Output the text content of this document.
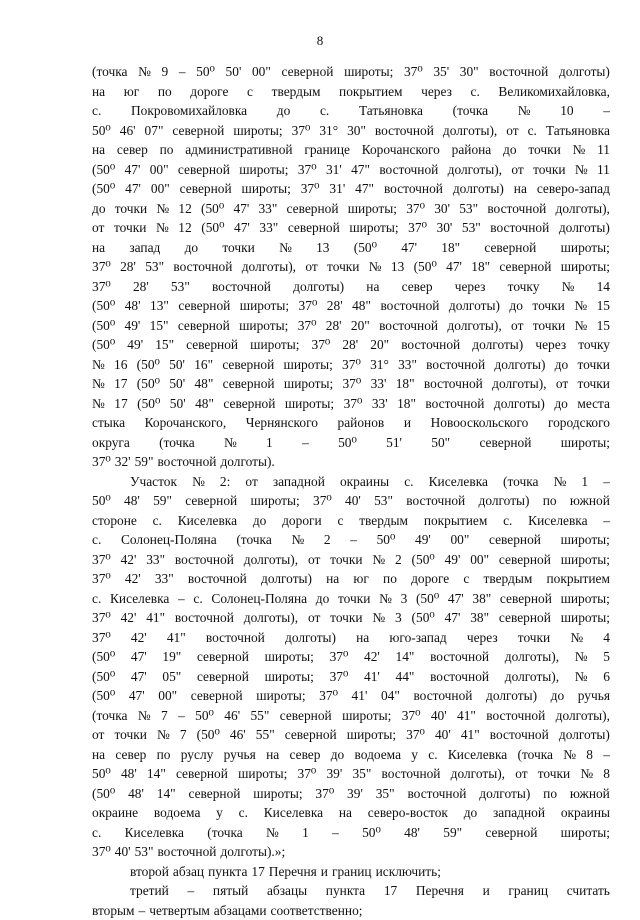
8
(точка № 9 – 50⁰ 50' 00" северной широты; 37⁰ 35' 30" восточной долготы)
на юг по дороге с твердым покрытием через с. Великомихайловка,
с. Покровомихайловка до с. Татьяновка (точка № 10 –
50⁰ 46' 07" северной широты; 37⁰ 31° 30" восточной долготы), от с. Татьяновка
на север по административной границе Корочанского района до точки № 11
(50⁰ 47' 00" северной широты; 37⁰ 31' 47" восточной долготы), от точки № 11
(50⁰ 47' 00" северной широты; 37⁰ 31' 47" восточной долготы) на северо-запад
до точки № 12 (50⁰ 47' 33" северной широты; 37⁰ 30' 53" восточной долготы),
от точки № 12 (50⁰ 47' 33" северной широты; 37⁰ 30' 53" восточной долготы)
на запад до точки № 13 (50⁰ 47' 18" северной широты;
37⁰ 28' 53" восточной долготы), от точки № 13 (50⁰ 47' 18" северной широты;
37⁰ 28' 53" восточной долготы) на север через точку № 14
(50⁰ 48' 13" северной широты; 37⁰ 28' 48" восточной долготы) до точки № 15
(50⁰ 49' 15" северной широты; 37⁰ 28' 20" восточной долготы), от точки № 15
(50⁰ 49' 15" северной широты; 37⁰ 28' 20" восточной долготы) через точку
№ 16 (50⁰ 50' 16" северной широты; 37⁰ 31° 33" восточной долготы) до точки
№ 17 (50⁰ 50' 48" северной широты; 37⁰ 33' 18" восточной долготы), от точки
№ 17 (50⁰ 50' 48" северной широты; 37⁰ 33' 18" восточной долготы) до места
стыка Корочанского, Чернянского районов и Новооскольского городского
округа (точка № 1 – 50⁰ 51' 50" северной широты;
37⁰ 32' 59" восточной долготы).
Участок № 2: от западной окраины с. Киселевка (точка № 1 –
50⁰ 48' 59" северной широты; 37⁰ 40' 53" восточной долготы) по южной
стороне с. Киселевка до дороги с твердым покрытием с. Киселевка –
с. Солонец-Поляна (точка № 2 – 50⁰ 49' 00" северной широты;
37⁰ 42' 33" восточной долготы), от точки № 2 (50⁰ 49' 00" северной широты;
37⁰ 42' 33" восточной долготы) на юг по дороге с твердым покрытием
с. Киселевка – с. Солонец-Поляна до точки № 3 (50⁰ 47' 38" северной широты;
37⁰ 42' 41" восточной долготы), от точки № 3 (50⁰ 47' 38" северной широты;
37⁰ 42' 41" восточной долготы) на юго-запад через точки № 4
(50⁰ 47' 19" северной широты; 37⁰ 42' 14" восточной долготы), № 5
(50⁰ 47' 05" северной широты; 37⁰ 41' 44" восточной долготы), № 6
(50⁰ 47' 00" северной широты; 37⁰ 41' 04" восточной долготы) до ручья
(точка № 7 – 50⁰ 46' 55" северной широты; 37⁰ 40' 41" восточной долготы),
от точки № 7 (50⁰ 46' 55" северной широты; 37⁰ 40' 41" восточной долготы)
на север по руслу ручья на север до водоема у с. Киселевка (точка № 8 –
50⁰ 48' 14" северной широты; 37⁰ 39' 35" восточной долготы), от точки № 8
(50⁰ 48' 14" северной широты; 37⁰ 39' 35" восточной долготы) по южной
окраине водоема у с. Киселевка на северо-восток до западной окраины
с. Киселевка (точка № 1 – 50⁰ 48' 59" северной широты;
37⁰ 40' 53" восточной долготы).»;
второй абзац пункта 17 Перечня и границ исключить;
третий – пятый абзацы пункта 17 Перечня и границ считать
вторым – четвертым абзацами соответственно;
